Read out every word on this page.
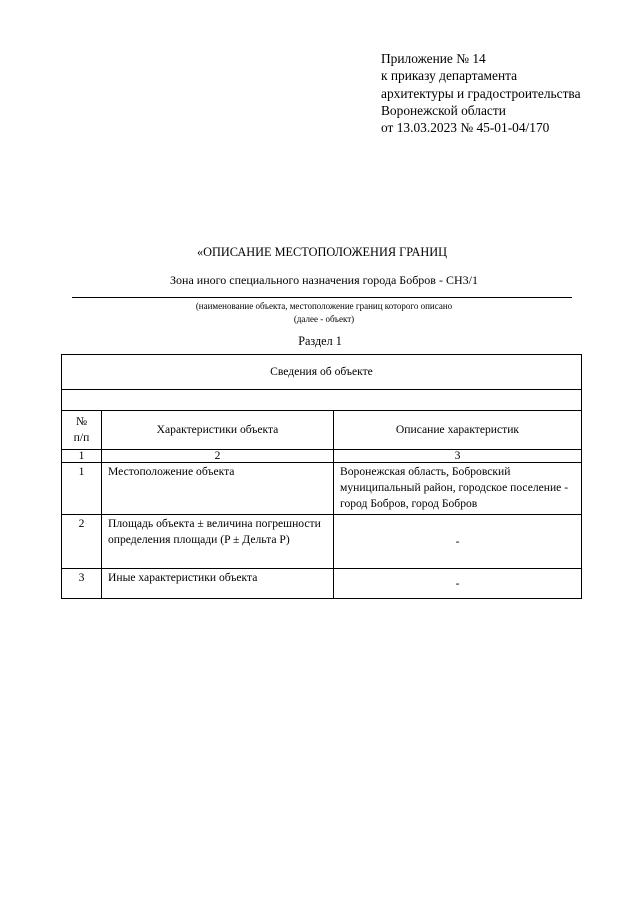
Приложение № 14
к приказу департамента
архитектуры и градостроительства
Воронежской области
от 13.03.2023 № 45-01-04/170
«ОПИСАНИЕ МЕСТОПОЛОЖЕНИЯ ГРАНИЦ
Зона иного специального назначения города Бобров - СН3/1
(наименование объекта, местоположение границ которого описано
(далее - объект)
Раздел 1
Сведения об объекте		

№
п/п	Характеристики объекта	Описание характеристик
1	2	3
1	Местоположение объекта	Воронежская область, Бобровский муниципальный район, городское поселение - город Бобров, город Бобров
2	Площадь объекта ± величина погрешности определения площади (P ± Дельта P)	-
3	Иные характеристики объекта	-
